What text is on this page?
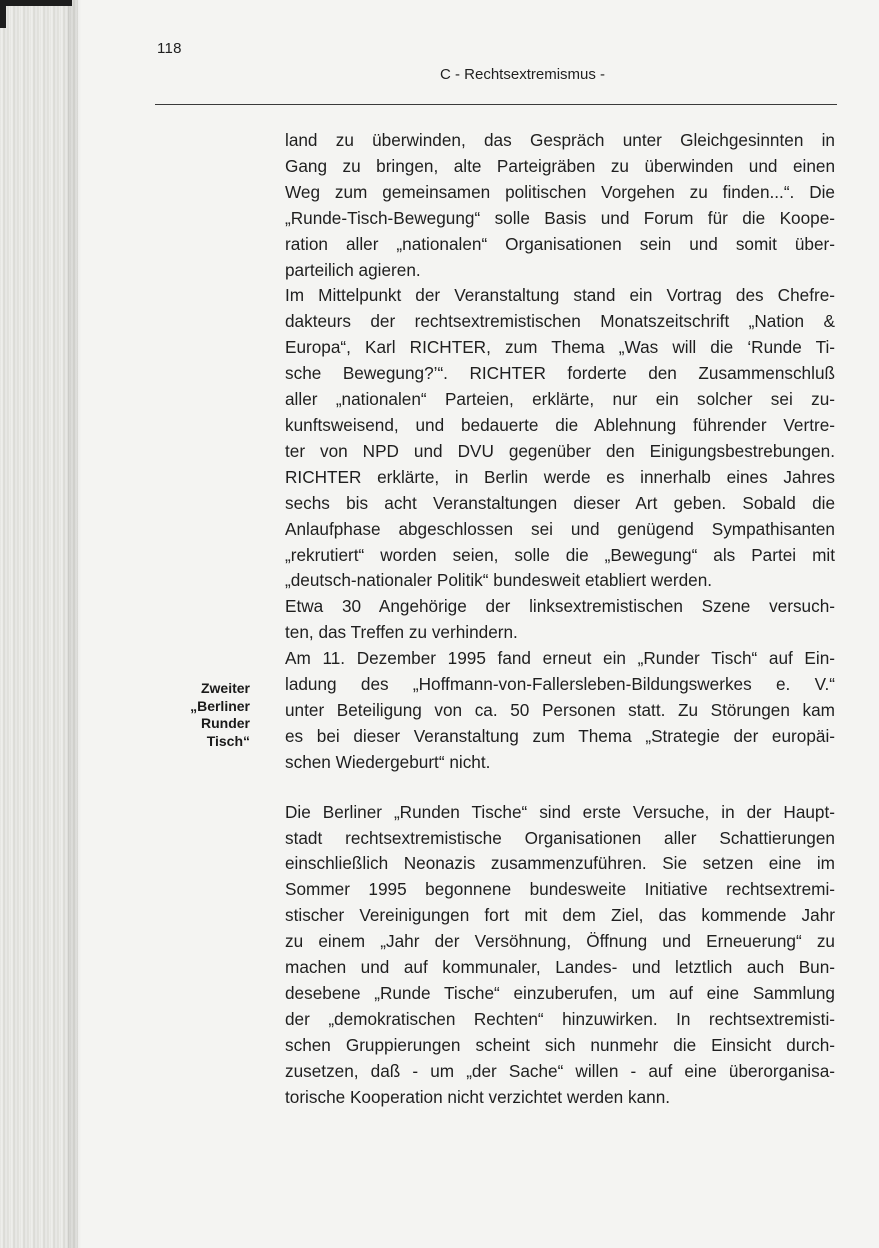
118
C - Rechtsextremismus -
Zweiter
„Berliner
Runder
Tisch“

land zu überwinden, das Gespräch unter Gleichgesinnten in
Gang zu bringen, alte Parteigräben zu überwinden und einen
Weg zum gemeinsamen politischen Vorgehen zu finden...“. Die
„Runde-Tisch-Bewegung“ solle Basis und Forum für die Koope-
ration aller „nationalen“ Organisationen sein und somit über-
parteilich agieren.

Im Mittelpunkt der Veranstaltung stand ein Vortrag des Chefre-
dakteurs der rechtsextremistischen Monatszeitschrift „Nation &
Europa“, Karl RICHTER, zum Thema „Was will die ‘Runde Ti-
sche Bewegung?’“. RICHTER forderte den Zusammenschluß
aller „nationalen“ Parteien, erklärte, nur ein solcher sei zu-
kunftsweisend, und bedauerte die Ablehnung führender Vertre-
ter von NPD und DVU gegenüber den Einigungsbestrebungen.
RICHTER erklärte, in Berlin werde es innerhalb eines Jahres
sechs bis acht Veranstaltungen dieser Art geben. Sobald die
Anlaufphase abgeschlossen sei und genügend Sympathisanten
„rekrutiert“ worden seien, solle die „Bewegung“ als Partei mit
„deutsch-nationaler Politik“ bundesweit etabliert werden.

Etwa 30 Angehörige der linksextremistischen Szene versuch-
ten, das Treffen zu verhindern.

Am 11. Dezember 1995 fand erneut ein „Runder Tisch“ auf Ein-
ladung des „Hoffmann-von-Fallersleben-Bildungswerkes e. V.“
unter Beteiligung von ca. 50 Personen statt. Zu Störungen kam
es bei dieser Veranstaltung zum Thema „Strategie der europäi-
schen Wiedergeburt“ nicht.

Die Berliner „Runden Tische“ sind erste Versuche, in der Haupt-
stadt rechtsextremistische Organisationen aller Schattierungen
einschließlich Neonazis zusammenzuführen. Sie setzen eine im
Sommer 1995 begonnene bundesweite Initiative rechtsextremi-
stischer Vereinigungen fort mit dem Ziel, das kommende Jahr
zu einem „Jahr der Versöhnung, Öffnung und Erneuerung“ zu
machen und auf kommunaler, Landes- und letztlich auch Bun-
desebene „Runde Tische“ einzuberufen, um auf eine Sammlung
der „demokratischen Rechten“ hinzuwirken. In rechtsextremisti-
schen Gruppierungen scheint sich nunmehr die Einsicht durch-
zusetzen, daß - um „der Sache“ willen - auf eine überorganisa-
torische Kooperation nicht verzichtet werden kann.
